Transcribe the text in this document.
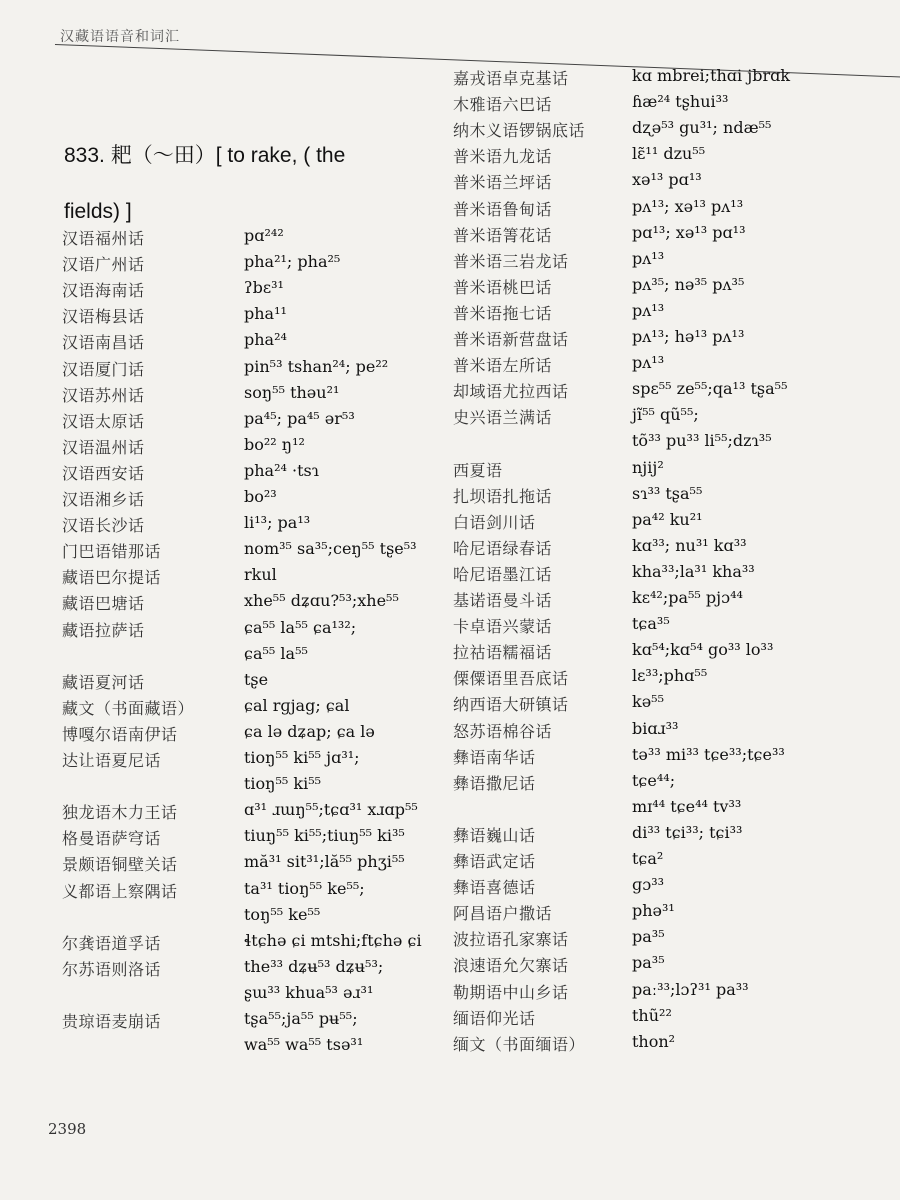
汉藏语语音和词汇
833. 耙（～田）[ to rake, ( the fields) ]
汉语福州话	pɑ²⁴²
汉语广州话	pha²¹; pha²⁵
汉语海南话	ʔbɛ³¹
汉语梅县话	pha¹¹
汉语南昌话	pha²⁴
汉语厦门话	pin⁵³ tshan²⁴; pe²²
汉语苏州话	soŋ⁵⁵ thəu²¹
汉语太原话	pa⁴⁵; pa⁴⁵ ər⁵³
汉语温州话	bo²² ŋ¹²
汉语西安话	pha²⁴ ·tsɿ
汉语湘乡话	bo²³
汉语长沙话	li¹³; pa¹³
门巴语错那话	nom³⁵ sa³⁵;ceŋ⁵⁵ tʂe⁵³
藏语巴尔提话	rkul
藏语巴塘话	xhe⁵⁵ dʑɑu?⁵³;xhe⁵⁵
藏语拉萨话	ɕa⁵⁵ la⁵⁵ ɕa¹³²;
ɕa⁵⁵ la⁵⁵
藏语夏河话	tʂe
藏文（书面藏语）	ɕal rɡjag; ɕal
博嘎尔语南伊话	ɕa lə dʑap; ɕa lə
达让语夏尼话	tioŋ⁵⁵ ki⁵⁵ jɑ³¹;
tioŋ⁵⁵ ki⁵⁵
独龙语木力王话	ɑ³¹ ɹɯŋ⁵⁵;tɕɑ³¹ xɹɑp⁵⁵
格曼语萨穹话	tiuŋ⁵⁵ ki⁵⁵;tiuŋ⁵⁵ ki³⁵
景颇语铜壁关话	mă³¹ sit³¹;lă⁵⁵ phʒi⁵⁵
义都语上察隅话	ta³¹ tioŋ⁵⁵ ke⁵⁵;
toŋ⁵⁵ ke⁵⁵
尔龚语道孚话	ɬtɕhə ɕi mtshi;ftɕhə ɕi
尔苏语则洛话	the³³ dʑʉ⁵³ dʑʉ⁵³;
ʂɯ³³ khua⁵³ əɹ³¹
贵琼语麦崩话	tʂa⁵⁵;ja⁵⁵ pʉ⁵⁵;
wa⁵⁵ wa⁵⁵ tsə³¹
嘉戎语卓克基话	kɑ mbrei;thɑi jbrɑk
木雅语六巴话	ɦæ²⁴ tʂhui³³
纳木义语锣锅底话	dʐə⁵³ gu³¹; ndæ⁵⁵
普米语九龙话	lɛ̃¹¹ dzu⁵⁵
普米语兰坪话	xə¹³ pɑ¹³
普米语鲁甸话	pʌ¹³; xə¹³ pʌ¹³
普米语箐花话	pɑ¹³; xə¹³ pɑ¹³
普米语三岩龙话	pʌ¹³
普米语桃巴话	pʌ³⁵; nə³⁵ pʌ³⁵
普米语拖七话	pʌ¹³
普米语新营盘话	pʌ¹³; hə¹³ pʌ¹³
普米语左所话	pʌ¹³
却域语尤拉西话	spɛ⁵⁵ ze⁵⁵;qa¹³ tʂa⁵⁵
史兴语兰满话	jĩ⁵⁵ qũ⁵⁵;
tõ³³ pu³³ li⁵⁵;dzɿ³⁵
西夏语	njij²
扎坝语扎拖话	sɿ³³ tʂa⁵⁵
白语剑川话	pa⁴² ku²¹
哈尼语绿春话	kɑ³³; nu³¹ kɑ³³
哈尼语墨江话	kha³³;la³¹ kha³³
基诺语曼斗话	kɛ⁴²;pa⁵⁵ pjɔ⁴⁴
卡卓语兴蒙话	tɕa³⁵
拉祜语糯福话	kɑ⁵⁴;kɑ⁵⁴ go³³ lo³³
傈僳语里吾底话	lɛ³³;phɑ⁵⁵
纳西语大研镇话	kə⁵⁵
怒苏语棉谷话	biɑɹ³³
彝语南华话	tə³³ mi³³ tɕe³³;tɕe³³
彝语撒尼话	tɕe⁴⁴;
mɪ⁴⁴ tɕe⁴⁴ tv³³
彝语巍山话	di³³ tɕi³³; tɕi³³
彝语武定话	tɕa²
彝语喜德话	ɡɔ³³
阿昌语户撒话	phə³¹
波拉语孔家寨话	pa³⁵
浪速语允欠寨话	pa³⁵
勒期语中山乡话	paː³³;lɔʔ³¹ pa³³
缅语仰光话	thũ²²
缅文（书面缅语）	thon²
2398
